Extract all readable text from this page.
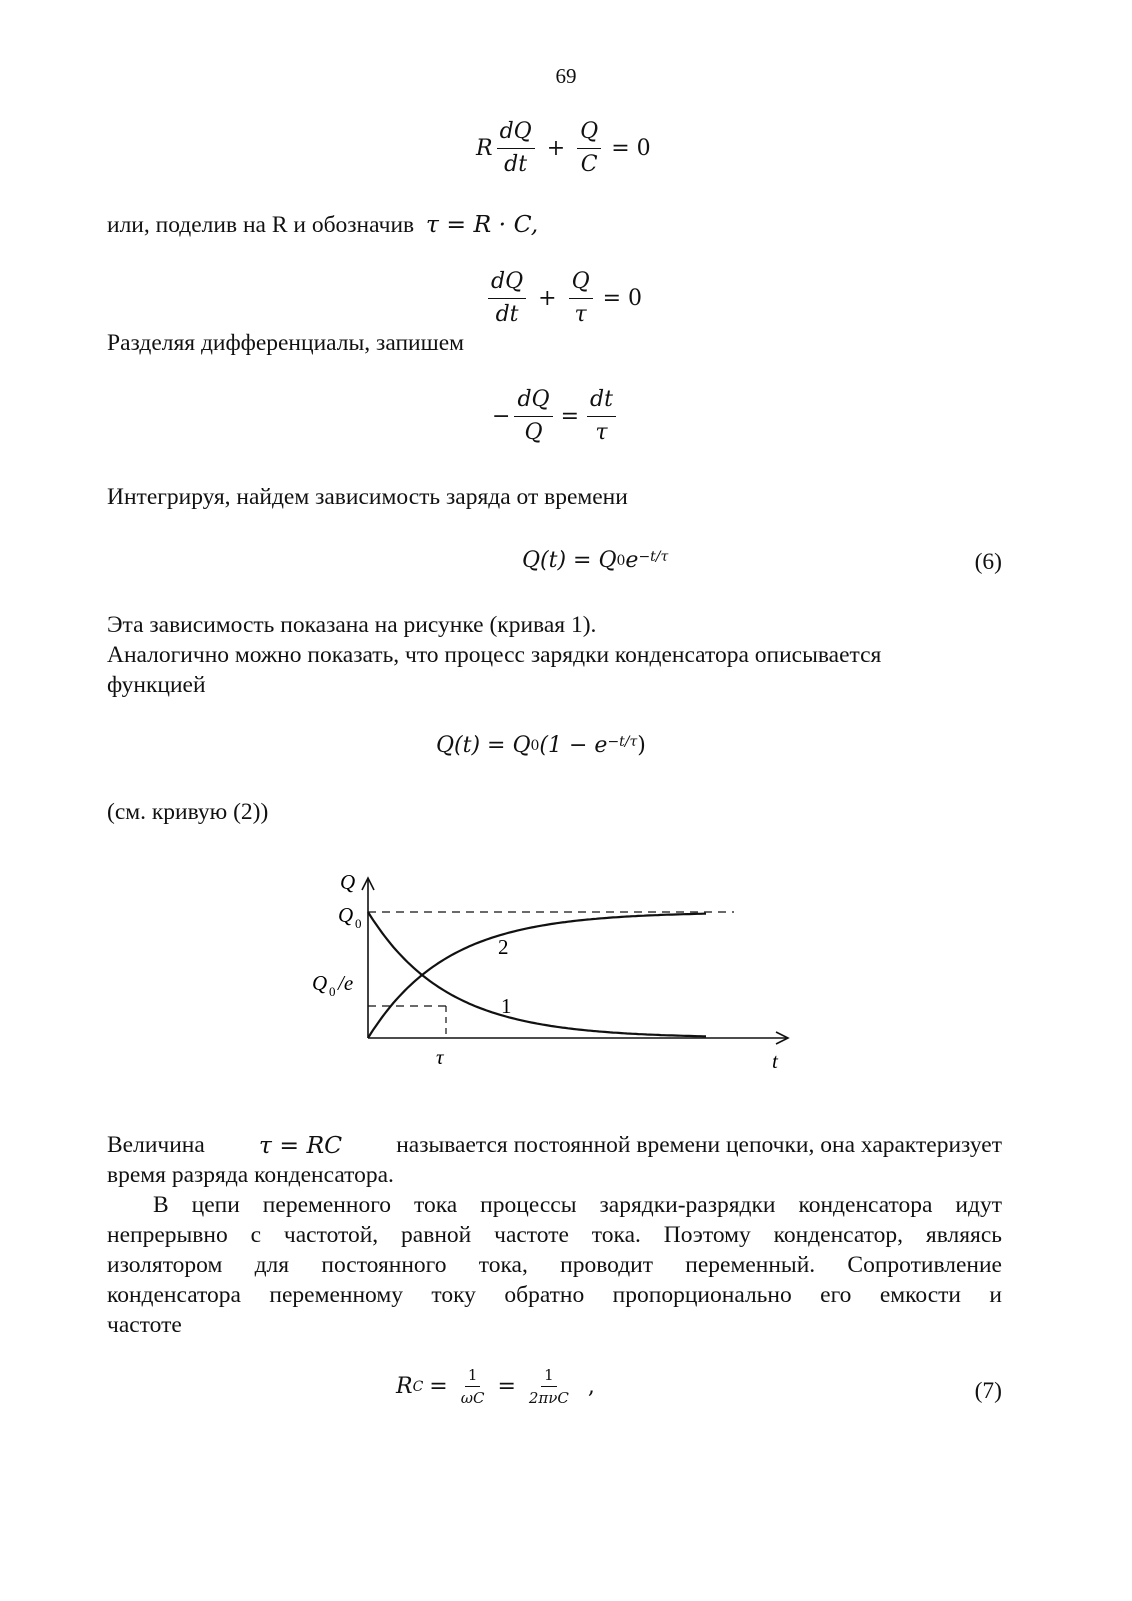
69
R $\frac{dQ}{dt} + \frac{Q}{C} = 0$
или, поделив на R и обозначив τ = R · C,
$\frac{dQ}{dt} + \frac{Q}{\tau} = 0$
Разделяя дифференциалы, запишем
− $\frac{dQ}{Q} = \frac{dt}{\tau}$
Интегрируя, найдем зависимость заряда от времени
Q(t) = Q 0 $e^{-t/\tau}$	(6)
Эта зависимость показана на рисунке (кривая 1).
Аналогично можно показать, что процесс зарядки конденсатора описывается
функцией
Q(t) = Q 0 ($1 - e^{-t/\tau}$ )
(см. кривую (2))
Q
Q 0
Q 0 /e
τ	t
2
1
Величина τ = RC называется постоянной времени цепочки, она характеризует
время разряда конденсатора.
В цепи переменного тока процессы зарядки-разрядки конденсатора идут
непрерывно с частотой, равной частоте тока. Поэтому конденсатор, являясь
изолятором для постоянного тока, проводит переменный. Сопротивление
конденсатора переменному току обратно пропорционально его емкости и
частоте
R $C = \frac{1}{\omega C} = \frac{1}{\text{2πνC}}$ ,	(7)
